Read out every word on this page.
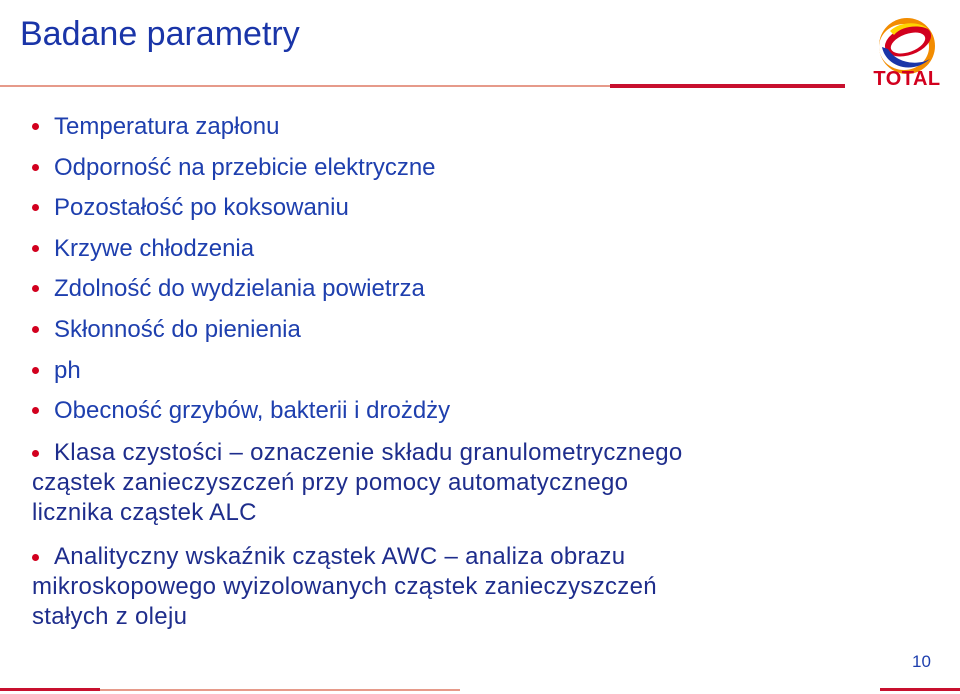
Badane parametry
TOTAL
Temperatura zapłonu
Odporność na przebicie elektryczne
Pozostałość po koksowaniu
Krzywe chłodzenia
Zdolność do wydzielania powietrza
Skłonność do pienienia
ph
Obecność grzybów, bakterii i drożdży
Klasa czystości – oznaczenie składu granulometrycznego
cząstek zanieczyszczeń przy pomocy automatycznego
licznika cząstek ALC
Analityczny wskaźnik cząstek AWC – analiza obrazu
mikroskopowego wyizolowanych cząstek zanieczyszczeń
stałych z oleju
10
